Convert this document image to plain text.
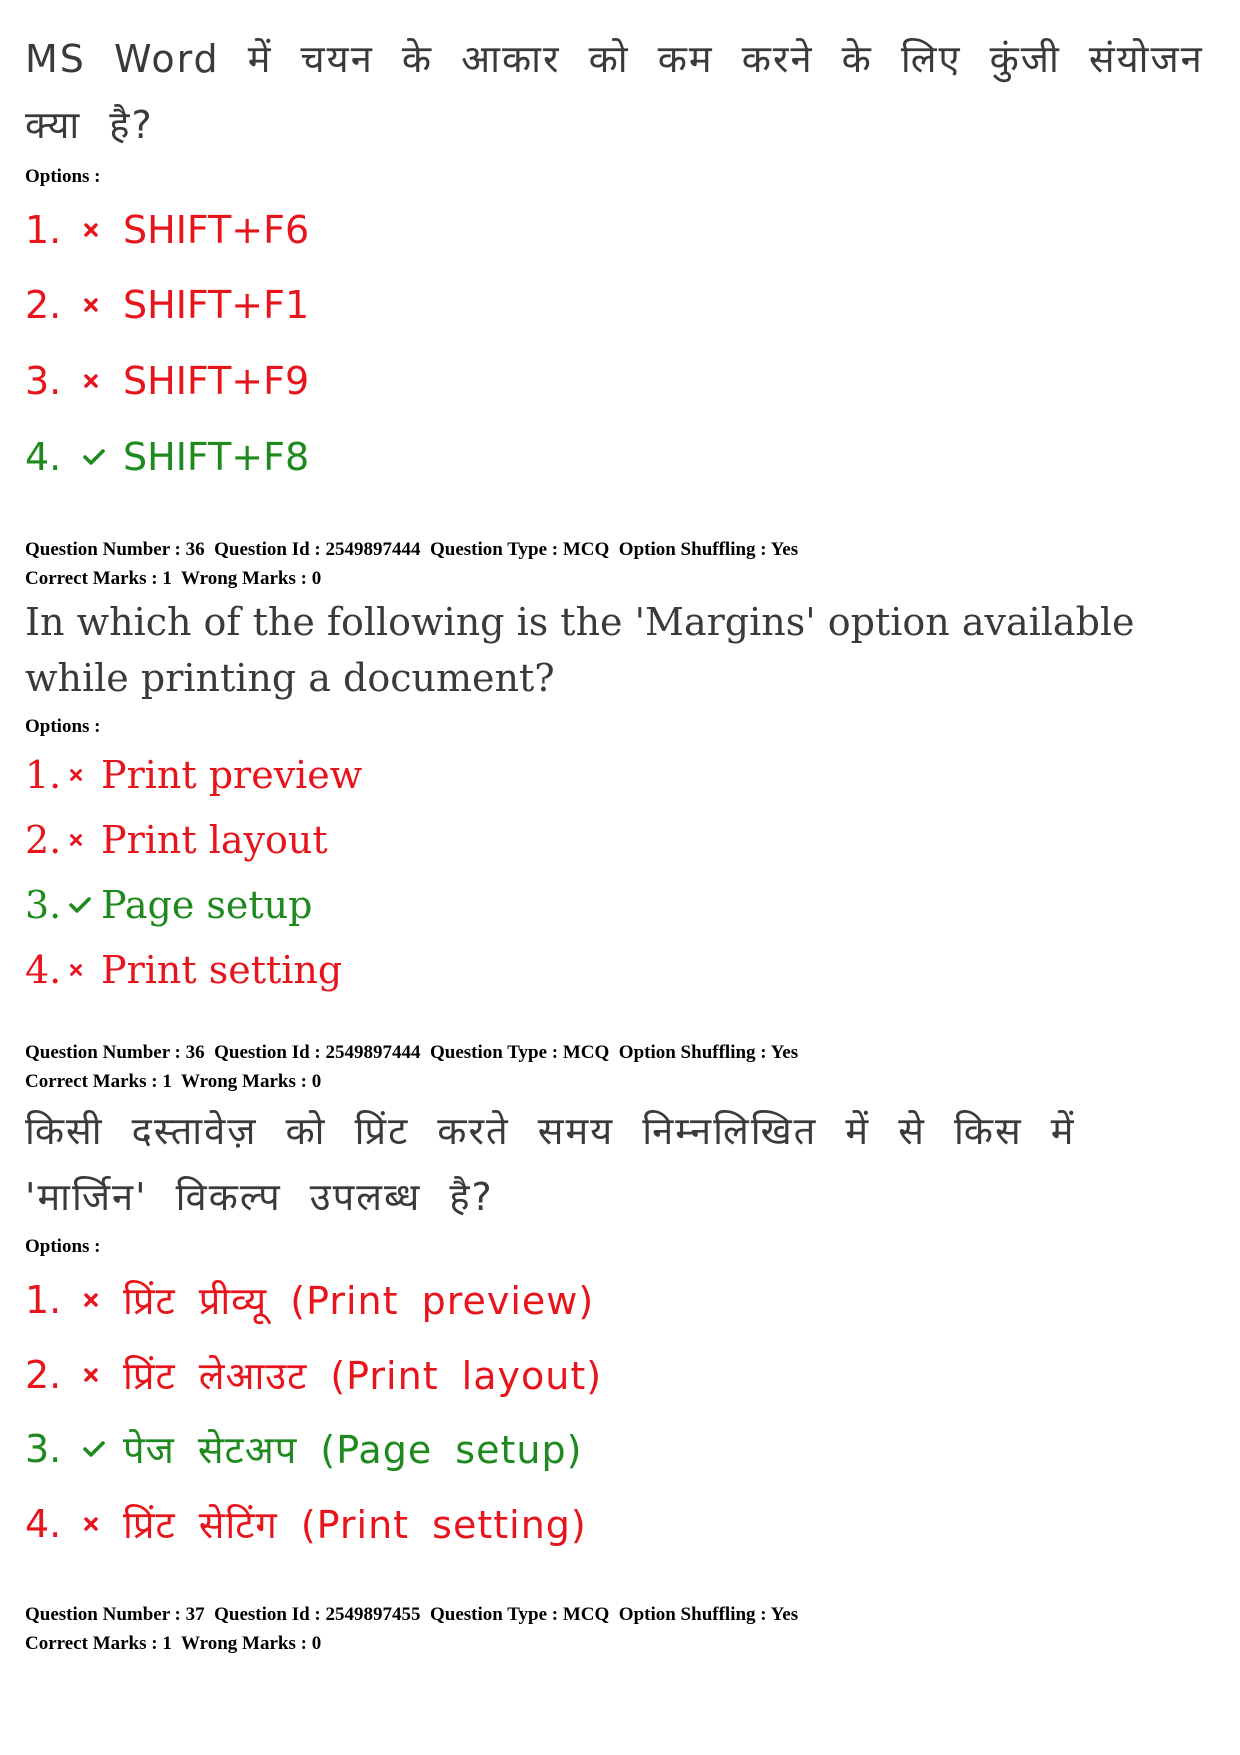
MS Word में चयन के आकार को कम करने के लिए कुंजी संयोजन क्या है?
Options :
1.	SHIFT+F6
2.	SHIFT+F1
3.	SHIFT+F9
4.	SHIFT+F8
Question Number : 36  Question Id : 2549897444  Question Type : MCQ  Option Shuffling : Yes
Correct Marks : 1  Wrong Marks : 0
In which of the following is the 'Margins' option available while printing a document?
Options :
1. Print preview
2. Print layout
3. Page setup
4. Print setting
Question Number : 36  Question Id : 2549897444  Question Type : MCQ  Option Shuffling : Yes
Correct Marks : 1  Wrong Marks : 0
किसी दस्तावेज़ को प्रिंट करते समय निम्नलिखित में से किस में 'मार्जिन' विकल्प उपलब्ध है?
Options :
1.	प्रिंट प्रीव्यू (Print preview)
2.	प्रिंट लेआउट (Print layout)
3.	पेज सेटअप (Page setup)
4.	प्रिंट सेटिंग (Print setting)
Question Number : 37  Question Id : 2549897455  Question Type : MCQ  Option Shuffling : Yes
Correct Marks : 1  Wrong Marks : 0
